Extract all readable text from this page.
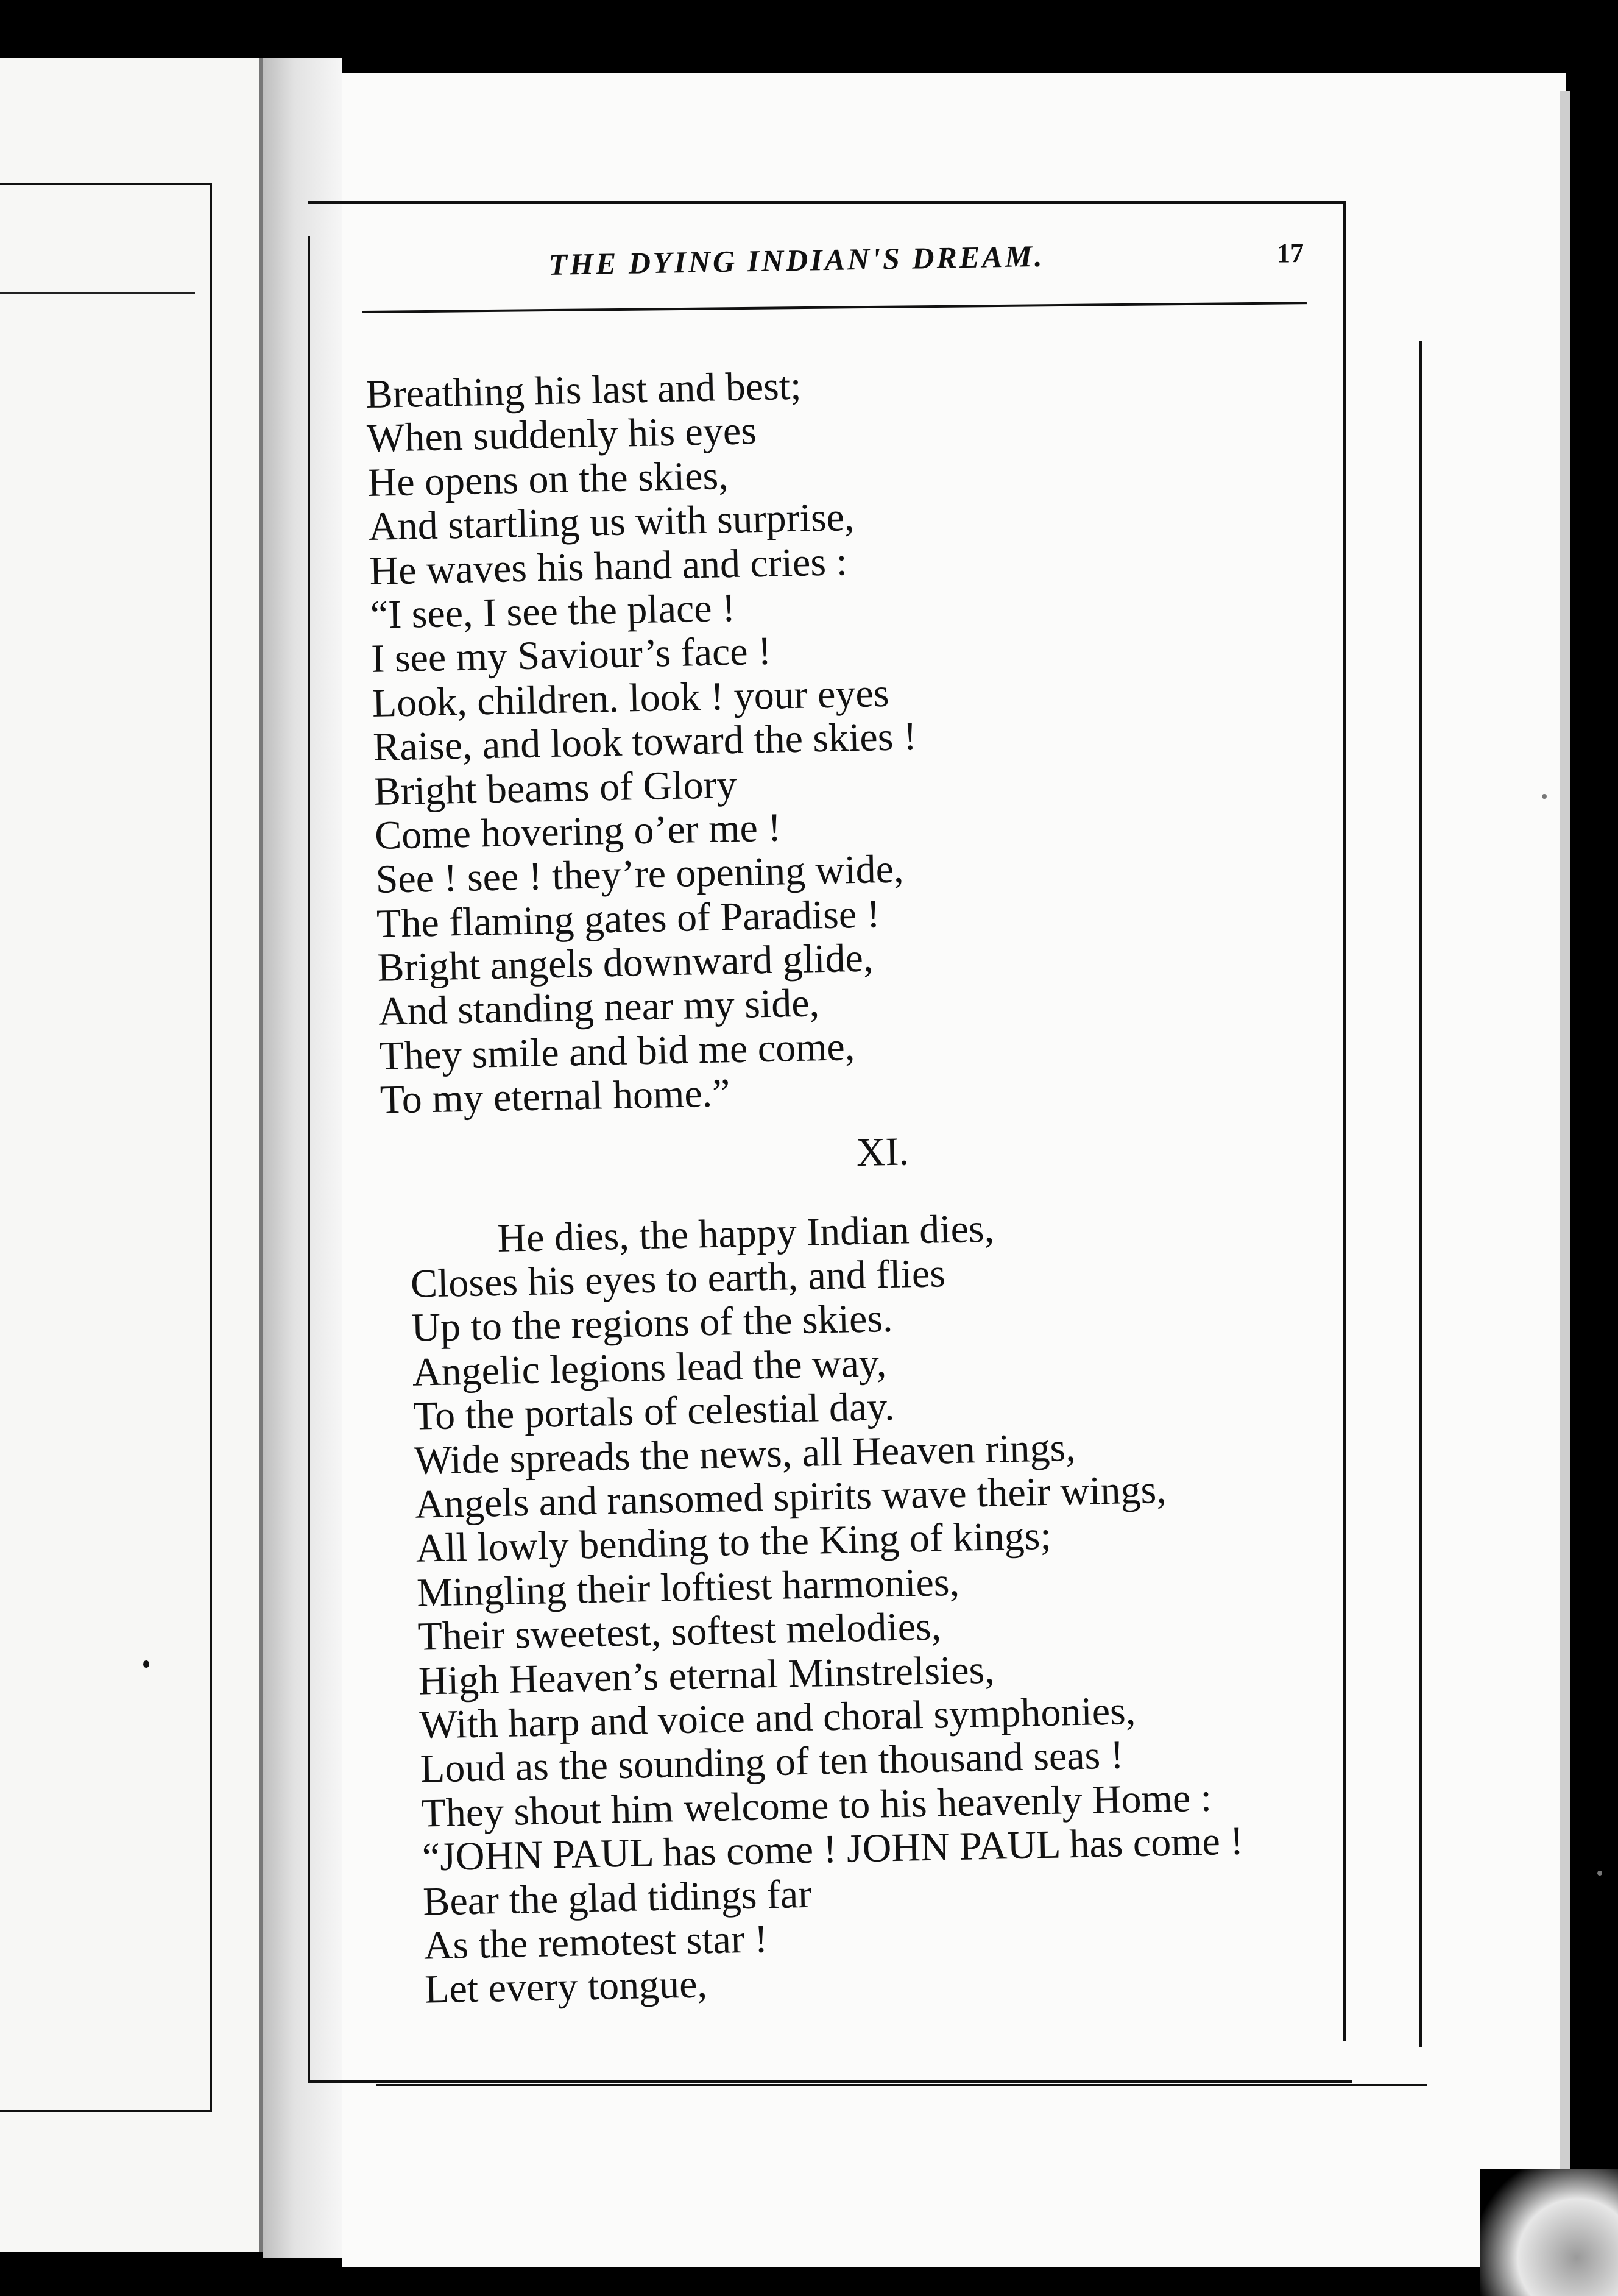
THE DYING INDIAN'S DREAM.	17
Breathing his last and best;
When suddenly his eyes
He opens on the skies,
And startling us with surprise,
He waves his hand and cries :
“I see, I see the place !
I see my Saviour’s face !
Look, children. look ! your eyes
Raise, and look toward the skies !
Bright beams of Glory
Come hovering o’er me !
See ! see ! they’re opening wide,
The flaming gates of Paradise !
Bright angels downward glide,
And standing near my side,
They smile and bid me come,
To my eternal home.”
XI.
He dies, the happy Indian dies,
Closes his eyes to earth, and flies
Up to the regions of the skies.
Angelic legions lead the way,
To the portals of celestial day.
Wide spreads the news, all Heaven rings,
Angels and ransomed spirits wave their wings,
All lowly bending to the King of kings;
Mingling their loftiest harmonies,
Their sweetest, softest melodies,
High Heaven’s eternal Minstrelsies,
With harp and voice and choral symphonies,
Loud as the sounding of ten thousand seas !
They shout him welcome to his heavenly Home :
“JOHN PAUL has come ! JOHN PAUL has come !
Bear the glad tidings far
As the remotest star !
Let every tongue,
